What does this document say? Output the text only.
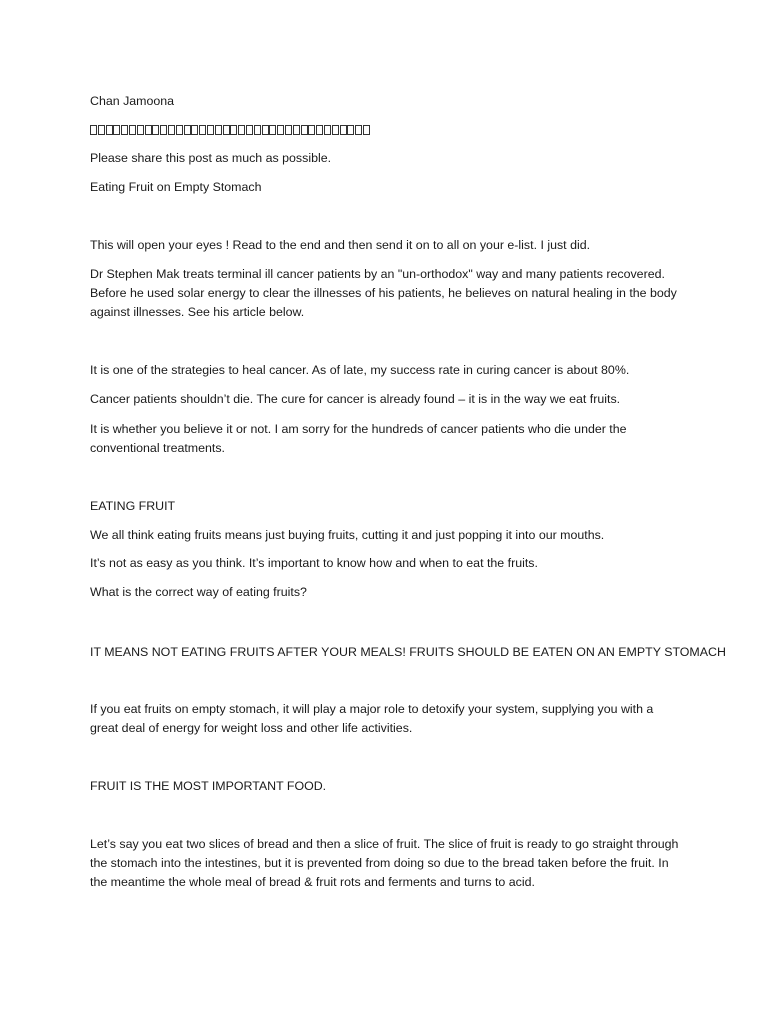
Chan Jamoona

Please share this post as much as possible.

Eating Fruit on Empty Stomach

This will open your eyes ! Read to the end and then send it on to all on your e-list. I just did.

Dr Stephen Mak treats terminal ill cancer patients by an "un-orthodox" way and many patients recovered. Before he used solar energy to clear the illnesses of his patients, he believes on natural healing in the body against illnesses. See his article below.

It is one of the strategies to heal cancer. As of late, my success rate in curing cancer is about 80%.

Cancer patients shouldn’t die. The cure for cancer is already found – it is in the way we eat fruits.

It is whether you believe it or not. I am sorry for the hundreds of cancer patients who die under the conventional treatments.

EATING FRUIT

We all think eating fruits means just buying fruits, cutting it and just popping it into our mouths.

It’s not as easy as you think. It’s important to know how and when to eat the fruits.

What is the correct way of eating fruits?

IT MEANS NOT EATING FRUITS AFTER YOUR MEALS! FRUITS SHOULD BE EATEN ON AN EMPTY STOMACH

If you eat fruits on empty stomach, it will play a major role to detoxify your system, supplying you with a great deal of energy for weight loss and other life activities.

FRUIT IS THE MOST IMPORTANT FOOD.

Let’s say you eat two slices of bread and then a slice of fruit. The slice of fruit is ready to go straight through the stomach into the intestines, but it is prevented from doing so due to the bread taken before the fruit. In the meantime the whole meal of bread & fruit rots and ferments and turns to acid.
